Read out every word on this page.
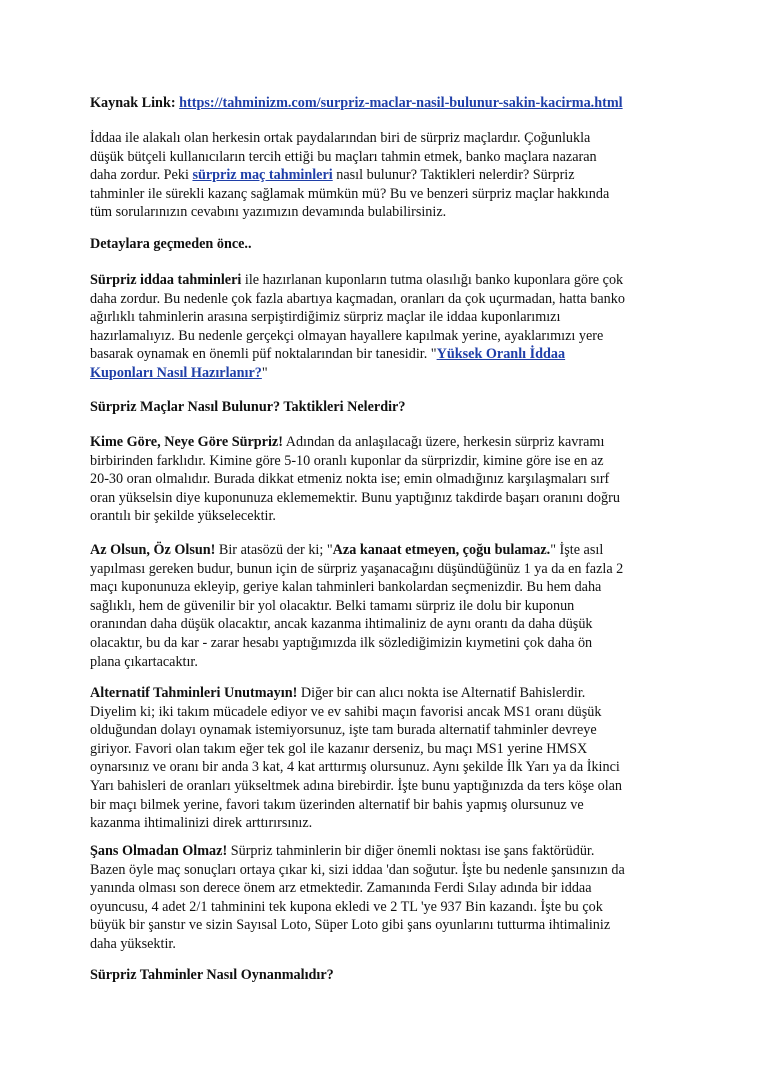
Kaynak Link: https://tahminizm.com/surpriz-maclar-nasil-bulunur-sakin-kacirma.html
İddaa ile alakalı olan herkesin ortak paydalarından biri de sürpriz maçlardır. Çoğunlukla
düşük bütçeli kullanıcıların tercih ettiği bu maçları tahmin etmek, banko maçlara nazaran
daha zordur. Peki sürpriz maç tahminleri nasıl bulunur? Taktikleri nelerdir? Sürpriz
tahminler ile sürekli kazanç sağlamak mümkün mü? Bu ve benzeri sürpriz maçlar hakkında
tüm sorularınızın cevabını yazımızın devamında bulabilirsiniz.
Detaylara geçmeden önce..
Sürpriz iddaa tahminleri ile hazırlanan kuponların tutma olasılığı banko kuponlara göre çok
daha zordur. Bu nedenle çok fazla abartıya kaçmadan, oranları da çok uçurmadan, hatta banko
ağırlıklı tahminlerin arasına serpiştirdiğimiz sürpriz maçlar ile iddaa kuponlarımızı
hazırlamalıyız. Bu nedenle gerçekçi olmayan hayallere kapılmak yerine, ayaklarımızı yere
basarak oynamak en önemli püf noktalarından bir tanesidir. "Yüksek Oranlı İddaa
Kuponları Nasıl Hazırlanır?"
Sürpriz Maçlar Nasıl Bulunur? Taktikleri Nelerdir?
Kime Göre, Neye Göre Sürpriz! Adından da anlaşılacağı üzere, herkesin sürpriz kavramı
birbirinden farklıdır. Kimine göre 5-10 oranlı kuponlar da sürprizdir, kimine göre ise en az
20-30 oran olmalıdır. Burada dikkat etmeniz nokta ise; emin olmadığınız karşılaşmaları sırf
oran yükselsin diye kuponunuza eklememektir. Bunu yaptığınız takdirde başarı oranını doğru
orantılı bir şekilde yükselecektir.
Az Olsun, Öz Olsun! Bir atasözü der ki; "Aza kanaat etmeyen, çoğu bulamaz." İşte asıl
yapılması gereken budur, bunun için de sürpriz yaşanacağını düşündüğünüz 1 ya da en fazla 2
maçı kuponunuza ekleyip, geriye kalan tahminleri bankolardan seçmenizdir. Bu hem daha
sağlıklı, hem de güvenilir bir yol olacaktır. Belki tamamı sürpriz ile dolu bir kuponun
oranından daha düşük olacaktır, ancak kazanma ihtimaliniz de aynı orantı da daha düşük
olacaktır, bu da kar - zarar hesabı yaptığımızda ilk sözlediğimizin kıymetini çok daha ön
plana çıkartacaktır.
Alternatif Tahminleri Unutmayın! Diğer bir can alıcı nokta ise Alternatif Bahislerdir.
Diyelim ki; iki takım mücadele ediyor ve ev sahibi maçın favorisi ancak MS1 oranı düşük
olduğundan dolayı oynamak istemiyorsunuz, işte tam burada alternatif tahminler devreye
giriyor. Favori olan takım eğer tek gol ile kazanır derseniz, bu maçı MS1 yerine HMSX
oynarsınız ve oranı bir anda 3 kat, 4 kat arttırmış olursunuz. Aynı şekilde İlk Yarı ya da İkinci
Yarı bahisleri de oranları yükseltmek adına birebirdir. İşte bunu yaptığınızda da ters köşe olan
bir maçı bilmek yerine, favori takım üzerinden alternatif bir bahis yapmış olursunuz ve
kazanma ihtimalinizi direk arttırırsınız.
Şans Olmadan Olmaz! Sürpriz tahminlerin bir diğer önemli noktası ise şans faktörüdür.
Bazen öyle maç sonuçları ortaya çıkar ki, sizi iddaa 'dan soğutur. İşte bu nedenle şansınızın da
yanında olması son derece önem arz etmektedir. Zamanında Ferdi Sılay adında bir iddaa
oyuncusu, 4 adet 2/1 tahminini tek kupona ekledi ve 2 TL 'ye 937 Bin kazandı. İşte bu çok
büyük bir şanstır ve sizin Sayısal Loto, Süper Loto gibi şans oyunlarını tutturma ihtimaliniz
daha yüksektir.
Sürpriz Tahminler Nasıl Oynanmalıdır?
